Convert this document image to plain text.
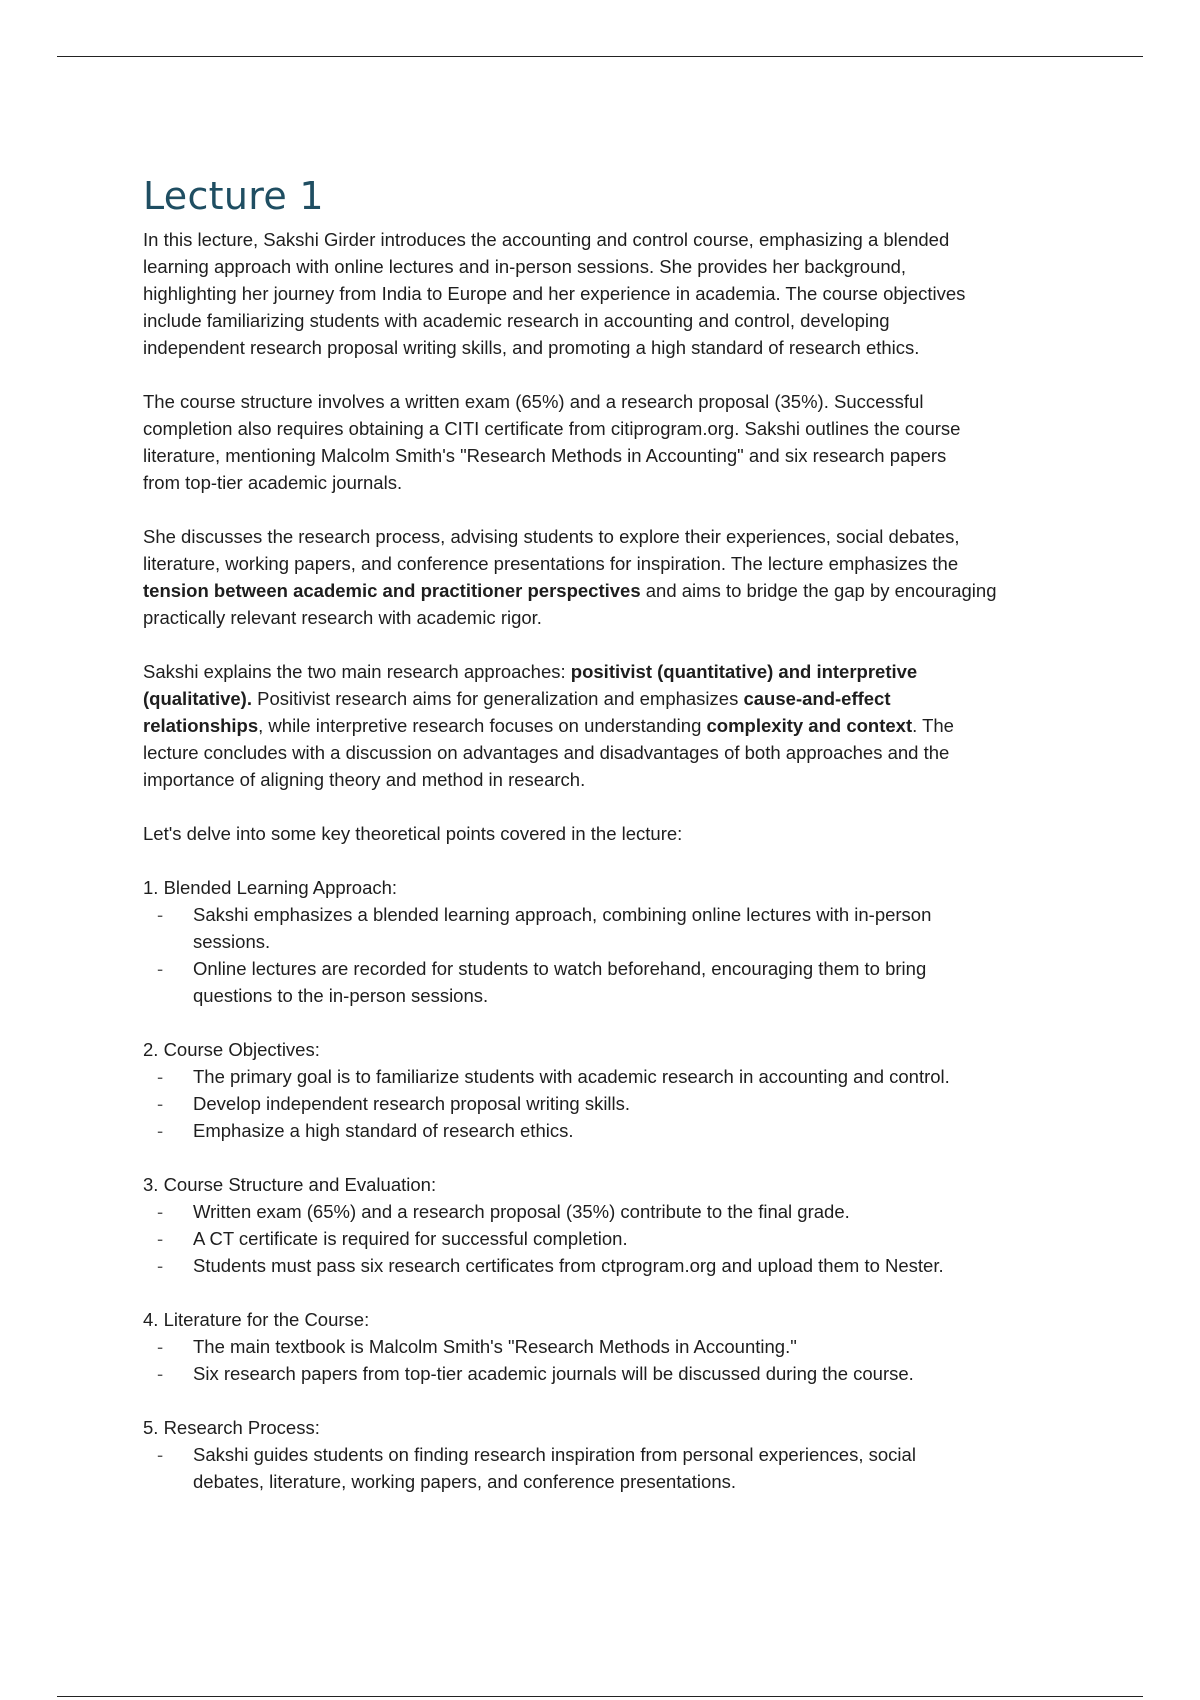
Lecture 1

In this lecture, Sakshi Girder introduces the accounting and control course, emphasizing a blended
learning approach with online lectures and in-person sessions. She provides her background,
highlighting her journey from India to Europe and her experience in academia. The course objectives
include familiarizing students with academic research in accounting and control, developing
independent research proposal writing skills, and promoting a high standard of research ethics.

The course structure involves a written exam (65%) and a research proposal (35%). Successful
completion also requires obtaining a CITI certificate from citiprogram.org. Sakshi outlines the course
literature, mentioning Malcolm Smith's "Research Methods in Accounting" and six research papers
from top-tier academic journals.

She discusses the research process, advising students to explore their experiences, social debates,
literature, working papers, and conference presentations for inspiration. The lecture emphasizes the
tension between academic and practitioner perspectives and aims to bridge the gap by encouraging
practically relevant research with academic rigor.

Sakshi explains the two main research approaches: positivist (quantitative) and interpretive
(qualitative). Positivist research aims for generalization and emphasizes cause-and-effect
relationships, while interpretive research focuses on understanding complexity and context. The
lecture concludes with a discussion on advantages and disadvantages of both approaches and the
importance of aligning theory and method in research.

Let's delve into some key theoretical points covered in the lecture:

1. Blended Learning Approach:
- Sakshi emphasizes a blended learning approach, combining online lectures with in-person
sessions.
- Online lectures are recorded for students to watch beforehand, encouraging them to bring
questions to the in-person sessions.
2. Course Objectives:
- The primary goal is to familiarize students with academic research in accounting and control.
- Develop independent research proposal writing skills.
- Emphasize a high standard of research ethics.
3. Course Structure and Evaluation:
- Written exam (65%) and a research proposal (35%) contribute to the final grade.
- A CT certificate is required for successful completion.
- Students must pass six research certificates from ctprogram.org and upload them to Nester.
4. Literature for the Course:
- The main textbook is Malcolm Smith's "Research Methods in Accounting."
- Six research papers from top-tier academic journals will be discussed during the course.
5. Research Process:
- Sakshi guides students on finding research inspiration from personal experiences, social
debates, literature, working papers, and conference presentations.
